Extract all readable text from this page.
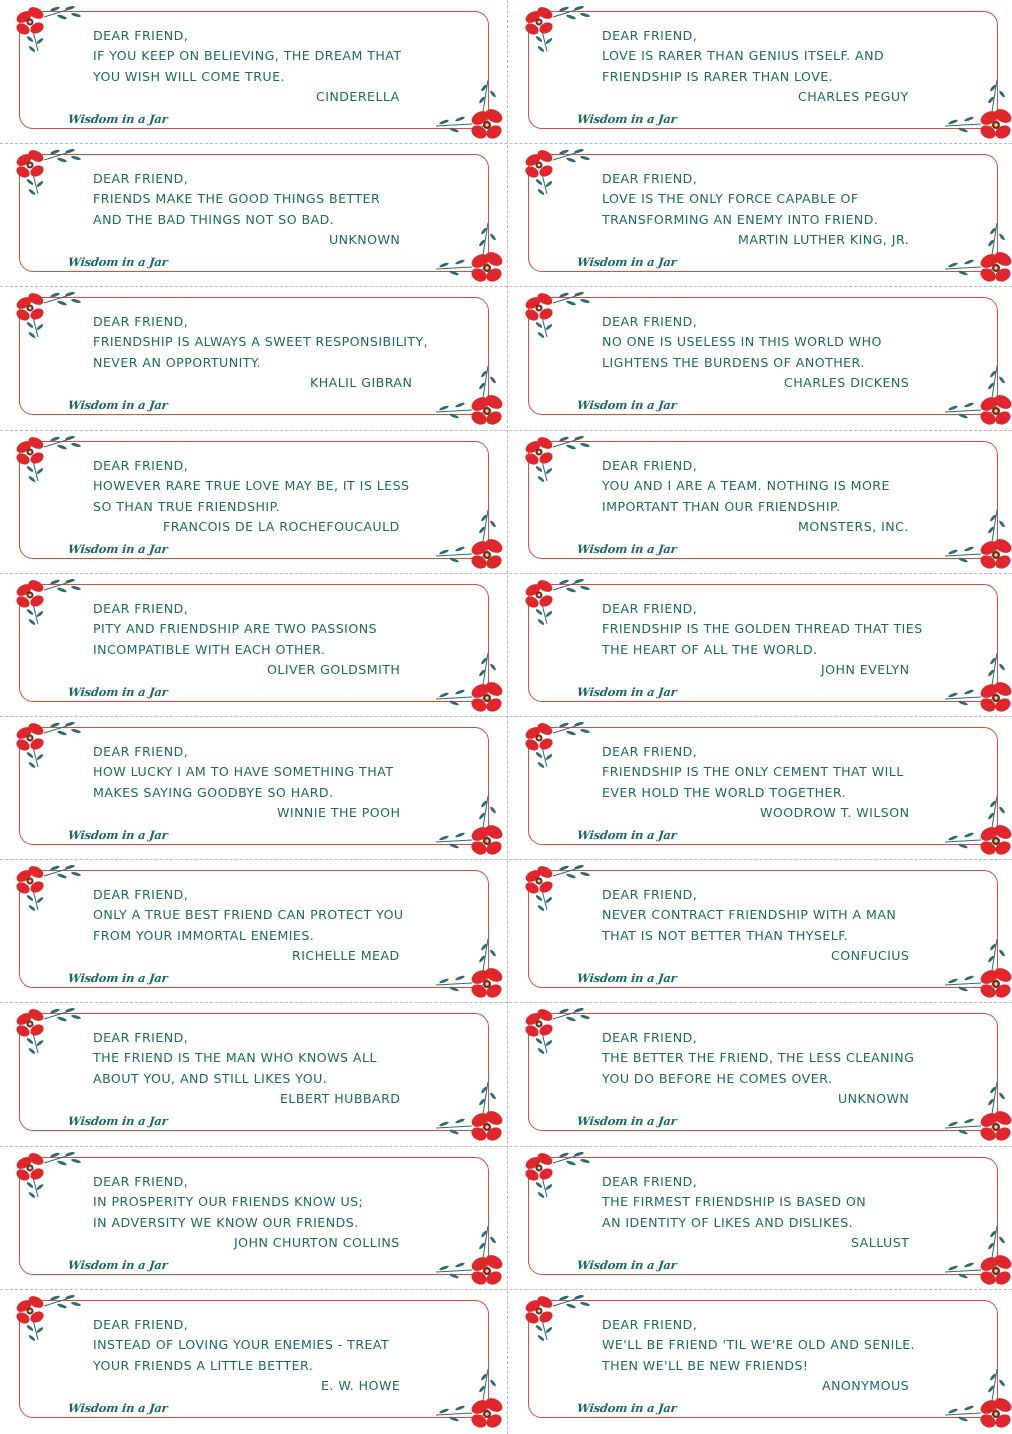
DEAR FRIEND,
IF YOU KEEP ON BELIEVING, THE DREAM THAT
YOU WISH WILL COME TRUE.
CINDERELLA
Wisdom in a Jar
DEAR FRIEND,
LOVE IS RARER THAN GENIUS ITSELF. AND
FRIENDSHIP IS RARER THAN LOVE.
CHARLES PEGUY
Wisdom in a Jar
DEAR FRIEND,
FRIENDS MAKE THE GOOD THINGS BETTER
AND THE BAD THINGS NOT SO BAD.
UNKNOWN
Wisdom in a Jar
DEAR FRIEND,
LOVE IS THE ONLY FORCE CAPABLE OF
TRANSFORMING AN ENEMY INTO FRIEND.
MARTIN LUTHER KING, JR.
Wisdom in a Jar
DEAR FRIEND,
FRIENDSHIP IS ALWAYS A SWEET RESPONSIBILITY,
NEVER AN OPPORTUNITY.
KHALIL GIBRAN
Wisdom in a Jar
DEAR FRIEND,
NO ONE IS USELESS IN THIS WORLD WHO
LIGHTENS THE BURDENS OF ANOTHER.
CHARLES DICKENS
Wisdom in a Jar
DEAR FRIEND,
HOWEVER RARE TRUE LOVE MAY BE, IT IS LESS
SO THAN TRUE FRIENDSHIP.
FRANCOIS DE LA ROCHEFOUCAULD
Wisdom in a Jar
DEAR FRIEND,
YOU AND I ARE A TEAM. NOTHING IS MORE
IMPORTANT THAN OUR FRIENDSHIP.
MONSTERS, INC.
Wisdom in a Jar
DEAR FRIEND,
PITY AND FRIENDSHIP ARE TWO PASSIONS
INCOMPATIBLE WITH EACH OTHER.
OLIVER GOLDSMITH
Wisdom in a Jar
DEAR FRIEND,
FRIENDSHIP IS THE GOLDEN THREAD THAT TIES
THE HEART OF ALL THE WORLD.
JOHN EVELYN
Wisdom in a Jar
DEAR FRIEND,
HOW LUCKY I AM TO HAVE SOMETHING THAT
MAKES SAYING GOODBYE SO HARD.
WINNIE THE POOH
Wisdom in a Jar
DEAR FRIEND,
FRIENDSHIP IS THE ONLY CEMENT THAT WILL
EVER HOLD THE WORLD TOGETHER.
WOODROW T. WILSON
Wisdom in a Jar
DEAR FRIEND,
ONLY A TRUE BEST FRIEND CAN PROTECT YOU
FROM YOUR IMMORTAL ENEMIES.
RICHELLE MEAD
Wisdom in a Jar
DEAR FRIEND,
NEVER CONTRACT FRIENDSHIP WITH A MAN
THAT IS NOT BETTER THAN THYSELF.
CONFUCIUS
Wisdom in a Jar
DEAR FRIEND,
THE FRIEND IS THE MAN WHO KNOWS ALL
ABOUT YOU, AND STILL LIKES YOU.
ELBERT HUBBARD
Wisdom in a Jar
DEAR FRIEND,
THE BETTER THE FRIEND, THE LESS CLEANING
YOU DO BEFORE HE COMES OVER.
UNKNOWN
Wisdom in a Jar
DEAR FRIEND,
IN PROSPERITY OUR FRIENDS KNOW US;
IN ADVERSITY WE KNOW OUR FRIENDS.
JOHN CHURTON COLLINS
Wisdom in a Jar
DEAR FRIEND,
THE FIRMEST FRIENDSHIP IS BASED ON
AN IDENTITY OF LIKES AND DISLIKES.
SALLUST
Wisdom in a Jar
DEAR FRIEND,
INSTEAD OF LOVING YOUR ENEMIES - TREAT
YOUR FRIENDS A LITTLE BETTER.
E. W. HOWE
Wisdom in a Jar
DEAR FRIEND,
WE'LL BE FRIEND 'TIL WE'RE OLD AND SENILE.
THEN WE'LL BE NEW FRIENDS!
ANONYMOUS
Wisdom in a Jar
